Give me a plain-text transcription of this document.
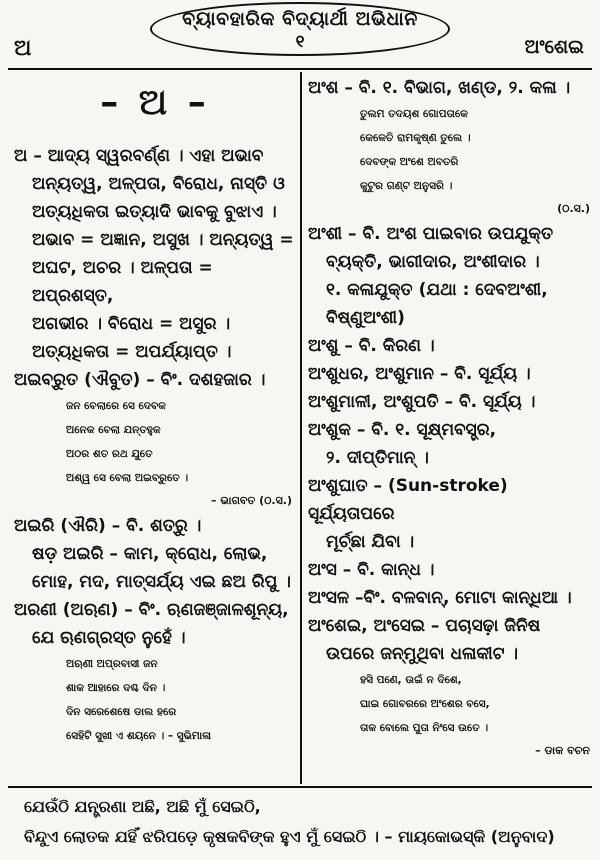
ବ୍ୟାବହାରିକ ବିଦ୍ୟାର୍ଥୀ ଅଭିଧାନ
୧
ଅ	ଅଂଶେଇ
– ଅ –

ଅ – ଆଦ୍ୟ ସ୍ୱରବର୍ଣ୍ଣ । ଏହା ଅଭାବ

ଅନ୍ୟତ୍ୱ, ଅଳ୍ପତା, ବିରୋଧ, ନାସ୍ତି ଓ

ଅତ୍ୟଧିକତା ଇତ୍ୟାଦି ଭାବକୁ ବୁଝାଏ ।

ଅଭାବ = ଅଜ୍ଞାନ, ଅସୁଖ । ଅନ୍ୟତ୍ୱ =

ଅଘଟ, ଅଚର । ଅଳ୍ପତା = ଅପ୍ରଶସ୍ତ,

ଅଗଭୀର । ବିରୋଧ = ଅସୁର ।

ଅତ୍ୟଧିକତା = ଅପର୍ଯ୍ୟାପ୍ତ ।

ଅଇବ୍ରୁତ (ଐବୁତ) – ବିଂ. ଦଶହଜାର ।

ଜନ ବେଲାରେ ସେ ଦେବକ

ଅନେକ ବେଲା ଯନ୍ତହୁକ

ଅଠର ଶତ ରଥ ଯୁତେ

ଅଶ୍ୱ ସେ ବେଲା ଅଇବ୍ରୁତେ ।

– ଭାଗବତ (ଠ.ସ.)

ଅଇରି (ଐରି) – ବି. ଶତ୍ରୁ ।

ଷଡ଼ ଅଇରି – କାମ, କ୍ରୋଧ, ଲୋଭ,

ମୋହ, ମଦ, ମାତ୍ସର୍ଯ୍ୟ ଏଇ ଛଅ ରିପୁ ।

ଅରଣୀ (ଅଋଣ) – ବିଂ. ଋଣଜଞ୍ଜାଳଶୂନ୍ୟ,

ଯେ ଋଣଗ୍ରସ୍ତ ନୁହେଁ ।

ଅଋଣୀ ଅପ୍ରବାସୀ ଜନ

ଶାକ ଆହାରେ ଦଶ୍ଚ ଦିନ ।

ଦିନ ସରେଶେଷେ ଡାଲ ହରେ

ସେହିଟି ସୁଖୀ ଏ ଶୟନେ । – ସୁଭିମାଳା

ଅଂଶ – ବି. ୧. ବିଭାଗ, ଖଣ୍ଡ, ୨. କଳା ।

ତୁଲମ ତଦୟଶ ଗୋପତାକେ

କେଳେତି ରାମକୃଷ୍ଣ ତୁଲେ ।

ଦେବଙ୍କ ଅଂଶେ ଅବତରି

କୁଟୁର ଗଣ୍ଟ ଅନୁସରି ।

(ଠ.ସ.)

ଅଂଶୀ – ବି. ଅଂଶ ପାଇବାର ଉପଯୁକ୍ତ

ବ୍ୟକ୍ତି, ଭାଗୀଦାର, ଅଂଶୀଦାର ।

୧. କଳାଯୁକ୍ତ (ଯଥା : ଦେବଅଂଶୀ,

ବିଷ୍ଣୁଅଂଶୀ)

ଅଂଶୁ – ବି. କିରଣ ।

ଅଂଶୁଧର, ଅଂଶୁମାନ – ବି. ସୂର୍ଯ୍ୟ ।

ଅଂଶୁମାଳୀ, ଅଂଶୁପତି – ବି. ସୂର୍ଯ୍ୟ ।

ଅଂଶୁକ – ବି. ୧. ସୂକ୍ଷ୍ମବସ୍ତ୍ର,

୨. ଦୀପ୍ତିମାନ୍ ।

ଅଂଶୁଘାତ – (Sun-stroke) ସୂର୍ଯ୍ୟତାପରେ

ମୂର୍ଚ୍ଛା ଯିବା ।

ଅଂସ – ବି. କାନ୍ଧ ।

ଅଂସଳ –ବିଂ. ବଳବାନ୍, ମୋଟା କାନ୍ଧିଆ ।

ଅଂଶେଇ, ଅଂସେଇ – ପଚାସଢ଼ା ଜିନିଷ

ଉପରେ ଜନ୍ମୁଥିବା ଧଳାକୀଟ ।

ହସି ପଣେ, ଉଇଁ ନ ଦିଶେ,

ଘାଇ ଗୋବରରେ ଅଂଶେର ବସେ,

ତାକ ବୋଲେ ପୁତା ନିଂସେ ଉତେ ।

– ଡାକ ବଚନ

ଯେଉଁଠି ଯନ୍ତ୍ରଣା ଅଛି, ଅଛି ମୁଁ ସେଇଠି,

ବିନ୍ଦୁଏ ଲୋତକ ଯହିଁ ଝରିପଡ଼େ କୃଷକବିଙ୍କ ହୁଏ ମୁଁ ସେଇଠି । – ମାୟକୋଭସ୍କି (ଅନୁବାଦ)
